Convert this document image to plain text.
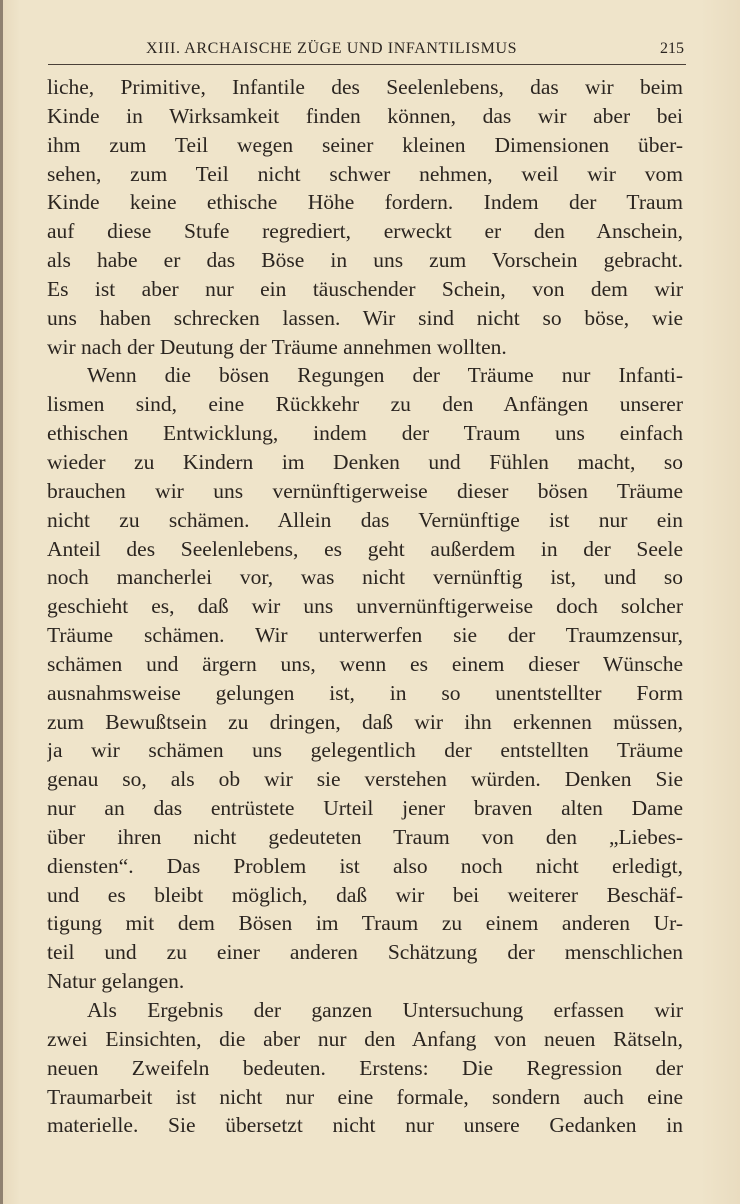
XIII. ARCHAISCHE ZÜGE UND INFANTILISMUS	215
liche, Primitive, Infantile des Seelenlebens, das wir beim
Kinde in Wirksamkeit finden können, das wir aber bei
ihm zum Teil wegen seiner kleinen Dimensionen über-
sehen, zum Teil nicht schwer nehmen, weil wir vom
Kinde keine ethische Höhe fordern. Indem der Traum
auf diese Stufe regrediert, erweckt er den Anschein,
als habe er das Böse in uns zum Vorschein gebracht.
Es ist aber nur ein täuschender Schein, von dem wir
uns haben schrecken lassen. Wir sind nicht so böse, wie
wir nach der Deutung der Träume annehmen wollten.
Wenn die bösen Regungen der Träume nur Infanti-
lismen sind, eine Rückkehr zu den Anfängen unserer
ethischen Entwicklung, indem der Traum uns einfach
wieder zu Kindern im Denken und Fühlen macht, so
brauchen wir uns vernünftigerweise dieser bösen Träume
nicht zu schämen. Allein das Vernünftige ist nur ein
Anteil des Seelenlebens, es geht außerdem in der Seele
noch mancherlei vor, was nicht vernünftig ist, und so
geschieht es, daß wir uns unvernünftigerweise doch solcher
Träume schämen. Wir unterwerfen sie der Traumzensur,
schämen und ärgern uns, wenn es einem dieser Wünsche
ausnahmsweise gelungen ist, in so unentstellter Form
zum Bewußtsein zu dringen, daß wir ihn erkennen müssen,
ja wir schämen uns gelegentlich der entstellten Träume
genau so, als ob wir sie verstehen würden. Denken Sie
nur an das entrüstete Urteil jener braven alten Dame
über ihren nicht gedeuteten Traum von den „Liebes-
diensten“. Das Problem ist also noch nicht erledigt,
und es bleibt möglich, daß wir bei weiterer Beschäf-
tigung mit dem Bösen im Traum zu einem anderen Ur-
teil und zu einer anderen Schätzung der menschlichen
Natur gelangen.
Als Ergebnis der ganzen Untersuchung erfassen wir
zwei Einsichten, die aber nur den Anfang von neuen Rätseln,
neuen Zweifeln bedeuten. Erstens: Die Regression der
Traumarbeit ist nicht nur eine formale, sondern auch eine
materielle. Sie übersetzt nicht nur unsere Gedanken in
